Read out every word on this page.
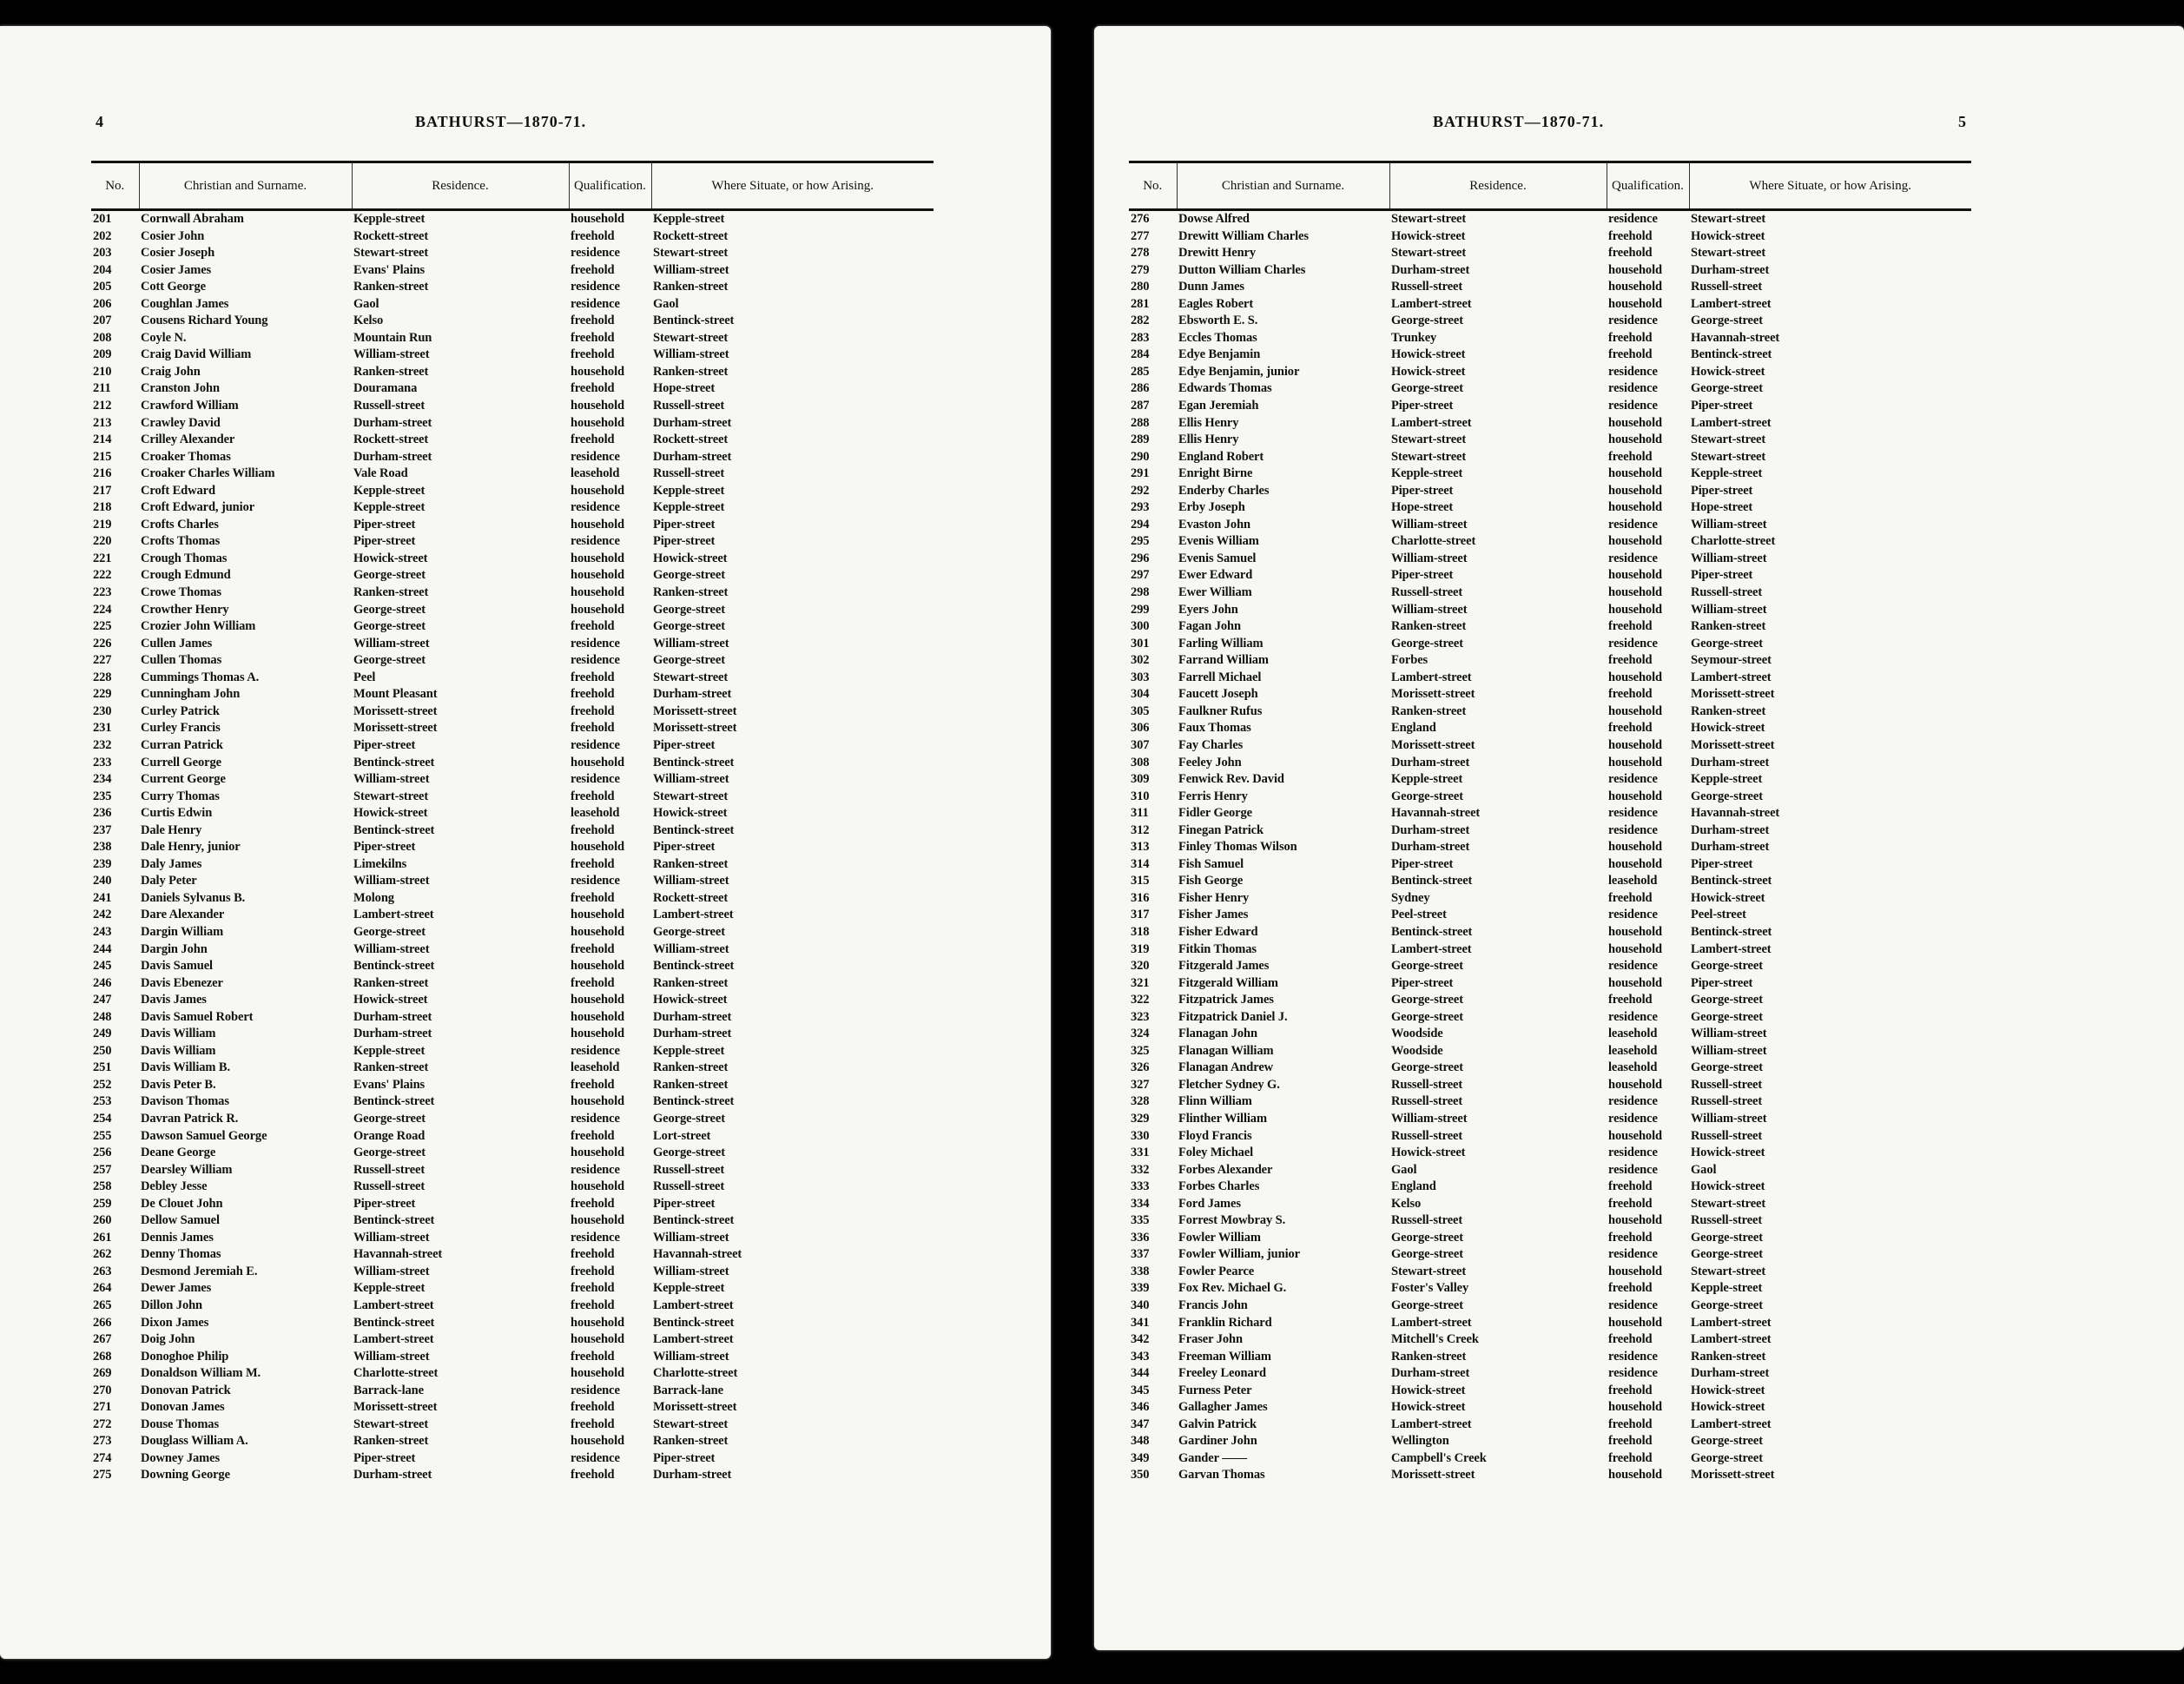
4	BATHURST—1870-71.
No.	Christian and Surname.	Residence.	Qualification.	Where Situate, or how Arising.
201	Cornwall Abraham	Kepple-street	household	Kepple-street
202	Cosier John	Rockett-street	freehold	Rockett-street
203	Cosier Joseph	Stewart-street	residence	Stewart-street
204	Cosier James	Evans' Plains	freehold	William-street
205	Cott George	Ranken-street	residence	Ranken-street
206	Coughlan James	Gaol	residence	Gaol
207	Cousens Richard Young	Kelso	freehold	Bentinck-street
208	Coyle N.	Mountain Run	freehold	Stewart-street
209	Craig David William	William-street	freehold	William-street
210	Craig John	Ranken-street	household	Ranken-street
211	Cranston John	Douramana	freehold	Hope-street
212	Crawford William	Russell-street	household	Russell-street
213	Crawley David	Durham-street	household	Durham-street
214	Crilley Alexander	Rockett-street	freehold	Rockett-street
215	Croaker Thomas	Durham-street	residence	Durham-street
216	Croaker Charles William	Vale Road	leasehold	Russell-street
217	Croft Edward	Kepple-street	household	Kepple-street
218	Croft Edward, junior	Kepple-street	residence	Kepple-street
219	Crofts Charles	Piper-street	household	Piper-street
220	Crofts Thomas	Piper-street	residence	Piper-street
221	Crough Thomas	Howick-street	household	Howick-street
222	Crough Edmund	George-street	household	George-street
223	Crowe Thomas	Ranken-street	household	Ranken-street
224	Crowther Henry	George-street	household	George-street
225	Crozier John William	George-street	freehold	George-street
226	Cullen James	William-street	residence	William-street
227	Cullen Thomas	George-street	residence	George-street
228	Cummings Thomas A.	Peel	freehold	Stewart-street
229	Cunningham John	Mount Pleasant	freehold	Durham-street
230	Curley Patrick	Morissett-street	freehold	Morissett-street
231	Curley Francis	Morissett-street	freehold	Morissett-street
232	Curran Patrick	Piper-street	residence	Piper-street
233	Currell George	Bentinck-street	household	Bentinck-street
234	Current George	William-street	residence	William-street
235	Curry Thomas	Stewart-street	freehold	Stewart-street
236	Curtis Edwin	Howick-street	leasehold	Howick-street
237	Dale Henry	Bentinck-street	freehold	Bentinck-street
238	Dale Henry, junior	Piper-street	household	Piper-street
239	Daly James	Limekilns	freehold	Ranken-street
240	Daly Peter	William-street	residence	William-street
241	Daniels Sylvanus B.	Molong	freehold	Rockett-street
242	Dare Alexander	Lambert-street	household	Lambert-street
243	Dargin William	George-street	household	George-street
244	Dargin John	William-street	freehold	William-street
245	Davis Samuel	Bentinck-street	household	Bentinck-street
246	Davis Ebenezer	Ranken-street	freehold	Ranken-street
247	Davis James	Howick-street	household	Howick-street
248	Davis Samuel Robert	Durham-street	household	Durham-street
249	Davis William	Durham-street	household	Durham-street
250	Davis William	Kepple-street	residence	Kepple-street
251	Davis William B.	Ranken-street	leasehold	Ranken-street
252	Davis Peter B.	Evans' Plains	freehold	Ranken-street
253	Davison Thomas	Bentinck-street	household	Bentinck-street
254	Davran Patrick R.	George-street	residence	George-street
255	Dawson Samuel George	Orange Road	freehold	Lort-street
256	Deane George	George-street	household	George-street
257	Dearsley William	Russell-street	residence	Russell-street
258	Debley Jesse	Russell-street	household	Russell-street
259	De Clouet John	Piper-street	freehold	Piper-street
260	Dellow Samuel	Bentinck-street	household	Bentinck-street
261	Dennis James	William-street	residence	William-street
262	Denny Thomas	Havannah-street	freehold	Havannah-street
263	Desmond Jeremiah E.	William-street	freehold	William-street
264	Dewer James	Kepple-street	freehold	Kepple-street
265	Dillon John	Lambert-street	freehold	Lambert-street
266	Dixon James	Bentinck-street	household	Bentinck-street
267	Doig John	Lambert-street	household	Lambert-street
268	Donoghoe Philip	William-street	freehold	William-street
269	Donaldson William M.	Charlotte-street	household	Charlotte-street
270	Donovan Patrick	Barrack-lane	residence	Barrack-lane
271	Donovan James	Morissett-street	freehold	Morissett-street
272	Douse Thomas	Stewart-street	freehold	Stewart-street
273	Douglass William A.	Ranken-street	household	Ranken-street
274	Downey James	Piper-street	residence	Piper-street
275	Downing George	Durham-street	freehold	Durham-street
BATHURST—1870-71.	5
No.	Christian and Surname.	Residence.	Qualification.	Where Situate, or how Arising.
276	Dowse Alfred	Stewart-street	residence	Stewart-street
277	Drewitt William Charles	Howick-street	freehold	Howick-street
278	Drewitt Henry	Stewart-street	freehold	Stewart-street
279	Dutton William Charles	Durham-street	household	Durham-street
280	Dunn James	Russell-street	household	Russell-street
281	Eagles Robert	Lambert-street	household	Lambert-street
282	Ebsworth E. S.	George-street	residence	George-street
283	Eccles Thomas	Trunkey	freehold	Havannah-street
284	Edye Benjamin	Howick-street	freehold	Bentinck-street
285	Edye Benjamin, junior	Howick-street	residence	Howick-street
286	Edwards Thomas	George-street	residence	George-street
287	Egan Jeremiah	Piper-street	residence	Piper-street
288	Ellis Henry	Lambert-street	household	Lambert-street
289	Ellis Henry	Stewart-street	household	Stewart-street
290	England Robert	Stewart-street	freehold	Stewart-street
291	Enright Birne	Kepple-street	household	Kepple-street
292	Enderby Charles	Piper-street	household	Piper-street
293	Erby Joseph	Hope-street	household	Hope-street
294	Evaston John	William-street	residence	William-street
295	Evenis William	Charlotte-street	household	Charlotte-street
296	Evenis Samuel	William-street	residence	William-street
297	Ewer Edward	Piper-street	household	Piper-street
298	Ewer William	Russell-street	household	Russell-street
299	Eyers John	William-street	household	William-street
300	Fagan John	Ranken-street	freehold	Ranken-street
301	Farling William	George-street	residence	George-street
302	Farrand William	Forbes	freehold	Seymour-street
303	Farrell Michael	Lambert-street	household	Lambert-street
304	Faucett Joseph	Morissett-street	freehold	Morissett-street
305	Faulkner Rufus	Ranken-street	household	Ranken-street
306	Faux Thomas	England	freehold	Howick-street
307	Fay Charles	Morissett-street	household	Morissett-street
308	Feeley John	Durham-street	household	Durham-street
309	Fenwick Rev. David	Kepple-street	residence	Kepple-street
310	Ferris Henry	George-street	household	George-street
311	Fidler George	Havannah-street	residence	Havannah-street
312	Finegan Patrick	Durham-street	residence	Durham-street
313	Finley Thomas Wilson	Durham-street	household	Durham-street
314	Fish Samuel	Piper-street	household	Piper-street
315	Fish George	Bentinck-street	leasehold	Bentinck-street
316	Fisher Henry	Sydney	freehold	Howick-street
317	Fisher James	Peel-street	residence	Peel-street
318	Fisher Edward	Bentinck-street	household	Bentinck-street
319	Fitkin Thomas	Lambert-street	household	Lambert-street
320	Fitzgerald James	George-street	residence	George-street
321	Fitzgerald William	Piper-street	household	Piper-street
322	Fitzpatrick James	George-street	freehold	George-street
323	Fitzpatrick Daniel J.	George-street	residence	George-street
324	Flanagan John	Woodside	leasehold	William-street
325	Flanagan William	Woodside	leasehold	William-street
326	Flanagan Andrew	George-street	leasehold	George-street
327	Fletcher Sydney G.	Russell-street	household	Russell-street
328	Flinn William	Russell-street	residence	Russell-street
329	Flinther William	William-street	residence	William-street
330	Floyd Francis	Russell-street	household	Russell-street
331	Foley Michael	Howick-street	residence	Howick-street
332	Forbes Alexander	Gaol	residence	Gaol
333	Forbes Charles	England	freehold	Howick-street
334	Ford James	Kelso	freehold	Stewart-street
335	Forrest Mowbray S.	Russell-street	household	Russell-street
336	Fowler William	George-street	freehold	George-street
337	Fowler William, junior	George-street	residence	George-street
338	Fowler Pearce	Stewart-street	household	Stewart-street
339	Fox Rev. Michael G.	Foster's Valley	freehold	Kepple-street
340	Francis John	George-street	residence	George-street
341	Franklin Richard	Lambert-street	household	Lambert-street
342	Fraser John	Mitchell's Creek	freehold	Lambert-street
343	Freeman William	Ranken-street	residence	Ranken-street
344	Freeley Leonard	Durham-street	residence	Durham-street
345	Furness Peter	Howick-street	freehold	Howick-street
346	Gallagher James	Howick-street	household	Howick-street
347	Galvin Patrick	Lambert-street	freehold	Lambert-street
348	Gardiner John	Wellington	freehold	George-street
349	Gander ——	Campbell's Creek	freehold	George-street
350	Garvan Thomas	Morissett-street	household	Morissett-street
